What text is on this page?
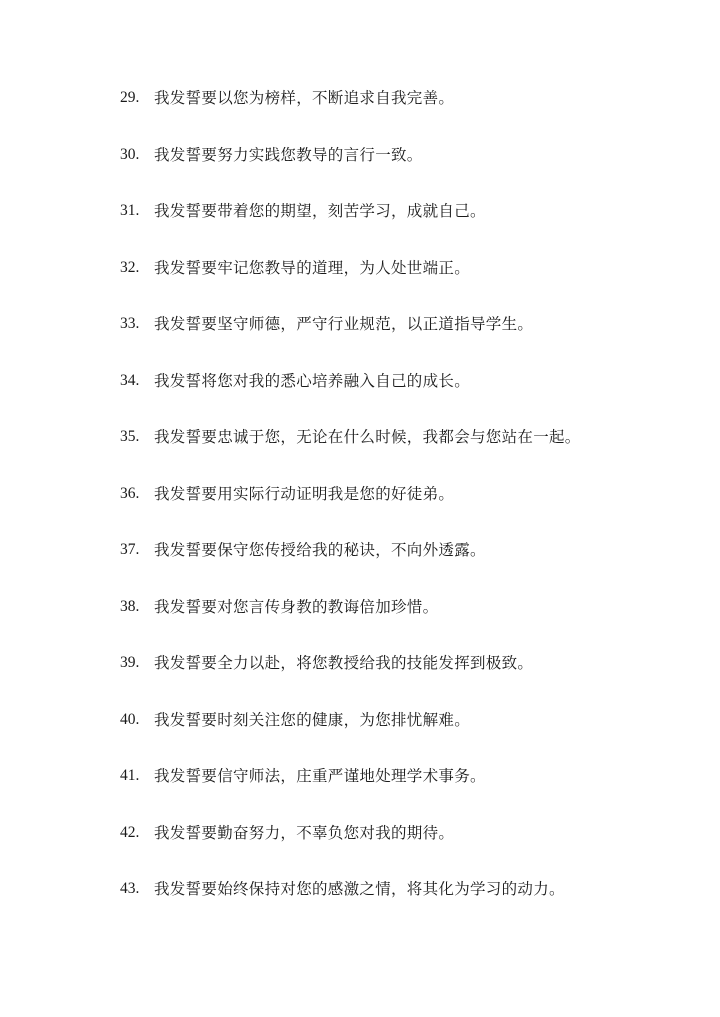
29. 我发誓要以您为榜样，不断追求自我完善。
30. 我发誓要努力实践您教导的言行一致。
31. 我发誓要带着您的期望，刻苦学习，成就自己。
32. 我发誓要牢记您教导的道理，为人处世端正。
33. 我发誓要坚守师德，严守行业规范，以正道指导学生。
34. 我发誓将您对我的悉心培养融入自己的成长。
35. 我发誓要忠诚于您，无论在什么时候，我都会与您站在一起。
36. 我发誓要用实际行动证明我是您的好徒弟。
37. 我发誓要保守您传授给我的秘诀，不向外透露。
38. 我发誓要对您言传身教的教诲倍加珍惜。
39. 我发誓要全力以赴，将您教授给我的技能发挥到极致。
40. 我发誓要时刻关注您的健康，为您排忧解难。
41. 我发誓要信守师法，庄重严谨地处理学术事务。
42. 我发誓要勤奋努力，不辜负您对我的期待。
43. 我发誓要始终保持对您的感激之情，将其化为学习的动力。
